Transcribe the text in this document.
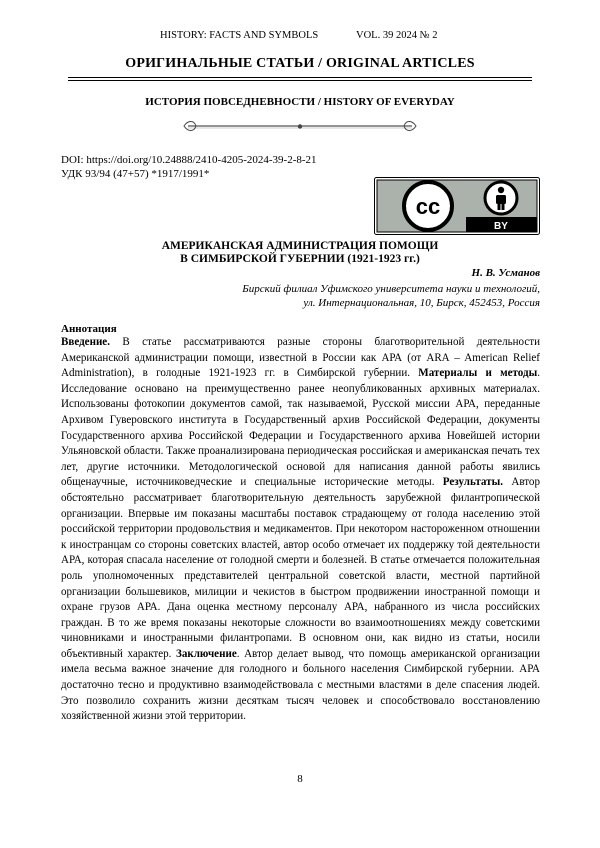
HISTORY: FACTS AND SYMBOLS	VOL. 39 2024 № 2
ОРИГИНАЛЬНЫЕ СТАТЬИ / ORIGINAL ARTICLES
ИСТОРИЯ ПОВСЕДНЕВНОСТИ / HISTORY OF EVERYDAY
DOI: https://doi.org/10.24888/2410-4205-2024-39-2-8-21
УДК 93/94 (47+57) *1917/1991*
cc
BY
АМЕРИКАНСКАЯ АДМИНИСТРАЦИЯ ПОМОЩИ
В СИМБИРСКОЙ ГУБЕРНИИ (1921-1923 гг.)
Н. В. Усманов
Бирский филиал Уфимского университета науки и технологий,
ул. Интернациональная, 10, Бирск, 452453, Россия
Аннотация

Введение. В статье рассматриваются разные стороны благотворительной деятельности Американской администрации помощи, известной в России как АРА (от ARA – American Relief Administration), в голодные 1921-1923 гг. в Симбирской губернии. Материалы и методы. Исследование основано на преимущественно ранее неопубликованных архивных материалах. Использованы фотокопии документов самой, так называемой, Русской миссии АРА, переданные Архивом Гуверовского института в Государственный архив Российской Федерации, документы Государственного архива Российской Федерации и Государственного архива Новейшей истории Ульяновской области. Также проанализирована периодическая российская и американская печать тех лет, другие источники. Методологической основой для написания данной работы явились общенаучные, источниковедческие и специальные исторические методы. Результаты. Автор обстоятельно рассматривает благотворительную деятельность зарубежной филантропической организации. Впервые им показаны масштабы поставок страдающему от голода населению этой российской территории продовольствия и медикаментов. При некотором настороженном отношении к иностранцам со стороны советских властей, автор особо отмечает их поддержку той деятельности АРА, которая спасала население от голодной смерти и болезней. В статье отмечается положительная роль уполномоченных представителей центральной советской власти, местной партийной организации большевиков, милиции и чекистов в быстром продвижении иностранной помощи и охране грузов АРА. Дана оценка местному персоналу АРА, набранного из числа российских граждан. В то же время показаны некоторые сложности во взаимоотношениях между советскими чиновниками и иностранными филантропами. В основном они, как видно из статьи, носили объективный характер. Заключение. Автор делает вывод, что помощь американской организации имела весьма важное значение для голодного и больного населения Симбирской губернии. АРА достаточно тесно и продуктивно взаимодействовала с местными властями в деле спасения людей. Это позволило сохранить жизни десяткам тысяч человек и способствовало восстановлению хозяйственной жизни этой территории.

8
